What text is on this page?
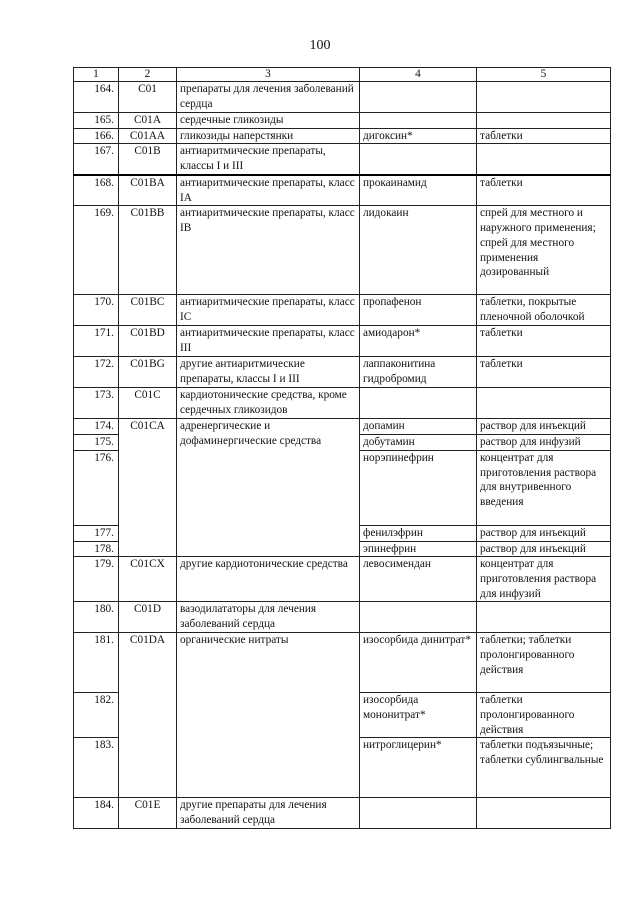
100
1	2	3	4	5
164.	C01	препараты для лечения заболеваний сердца		
165.	C01A	сердечные гликозиды		
166.	C01AA	гликозиды наперстянки	дигоксин*	таблетки
167.	C01B	антиаритмические препараты, классы I и III		
168.	C01BA	антиаритмические препараты, класс IA	прокаинамид	таблетки
169.	C01BB	антиаритмические препараты, класс IB	лидокаин	спрей для местного и наружного применения; спрей для местного применения дозированный
170.	C01BC	антиаритмические препараты, класс IC	пропафенон	таблетки, покрытые пленочной оболочкой
171.	C01BD	антиаритмические препараты, класс III	амиодарон*	таблетки
172.	C01BG	другие антиаритмические препараты, классы I и III	лаппаконитина гидробромид	таблетки
173.	C01C	кардиотонические средства, кроме сердечных гликозидов		
174.	C01CA	адренергические и дофаминергические средства	допамин	раствор для инъекций
175.			добутамин	раствор для инфузий
176.			норэпинефрин	концентрат для приготовления раствора для внутривенного введения
177.			фенилэфрин	раствор для инъекций
178.			эпинефрин	раствор для инъекций
179.	C01CX	другие кардиотонические средства	левосимендан	концентрат для приготовления раствора для инфузий
180.	C01D	вазодилататоры для лечения заболеваний сердца		
181.	C01DA	органические нитраты	изосорбида динитрат*	таблетки; таблетки пролонгированного действия
182.			изосорбида мононитрат*	таблетки пролонгированного действия
183.			нитроглицерин*	таблетки подъязычные; таблетки сублингвальные
184.	C01E	другие препараты для лечения заболеваний сердца		
